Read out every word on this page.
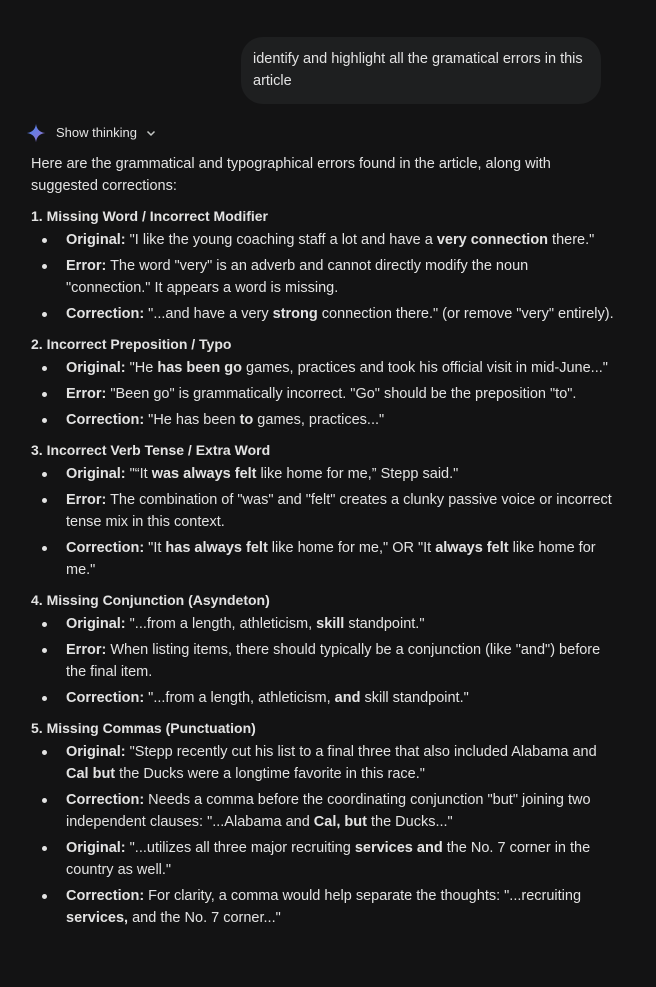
identify and highlight all the gramatical errors in this article
Show thinking

Here are the grammatical and typographical errors found in the article, along with suggested corrections:

1. Missing Word / Incorrect Modifier

Original: "I like the young coaching staff a lot and have a very connection there."
Error: The word "very" is an adverb and cannot directly modify the noun "connection." It appears a word is missing.
Correction: "...and have a very strong connection there." (or remove "very" entirely).

2. Incorrect Preposition / Typo

Original: "He has been go games, practices and took his official visit in mid-June..."
Error: "Been go" is grammatically incorrect. "Go" should be the preposition "to".
Correction: "He has been to games, practices..."

3. Incorrect Verb Tense / Extra Word

Original: "“It was always felt like home for me,” Stepp said."
Error: The combination of "was" and "felt" creates a clunky passive voice or incorrect tense mix in this context.
Correction: "It has always felt like home for me," OR "It always felt like home for me."

4. Missing Conjunction (Asyndeton)

Original: "...from a length, athleticism, skill standpoint."
Error: When listing items, there should typically be a conjunction (like "and") before the final item.
Correction: "...from a length, athleticism, and skill standpoint."

5. Missing Commas (Punctuation)

Original: "Stepp recently cut his list to a final three that also included Alabama and Cal but the Ducks were a longtime favorite in this race."
Correction: Needs a comma before the coordinating conjunction "but" joining two independent clauses: "...Alabama and Cal, but the Ducks..."
Original: "...utilizes all three major recruiting services and the No. 7 corner in the country as well."
Correction: For clarity, a comma would help separate the thoughts: "...recruiting services, and the No. 7 corner..."
